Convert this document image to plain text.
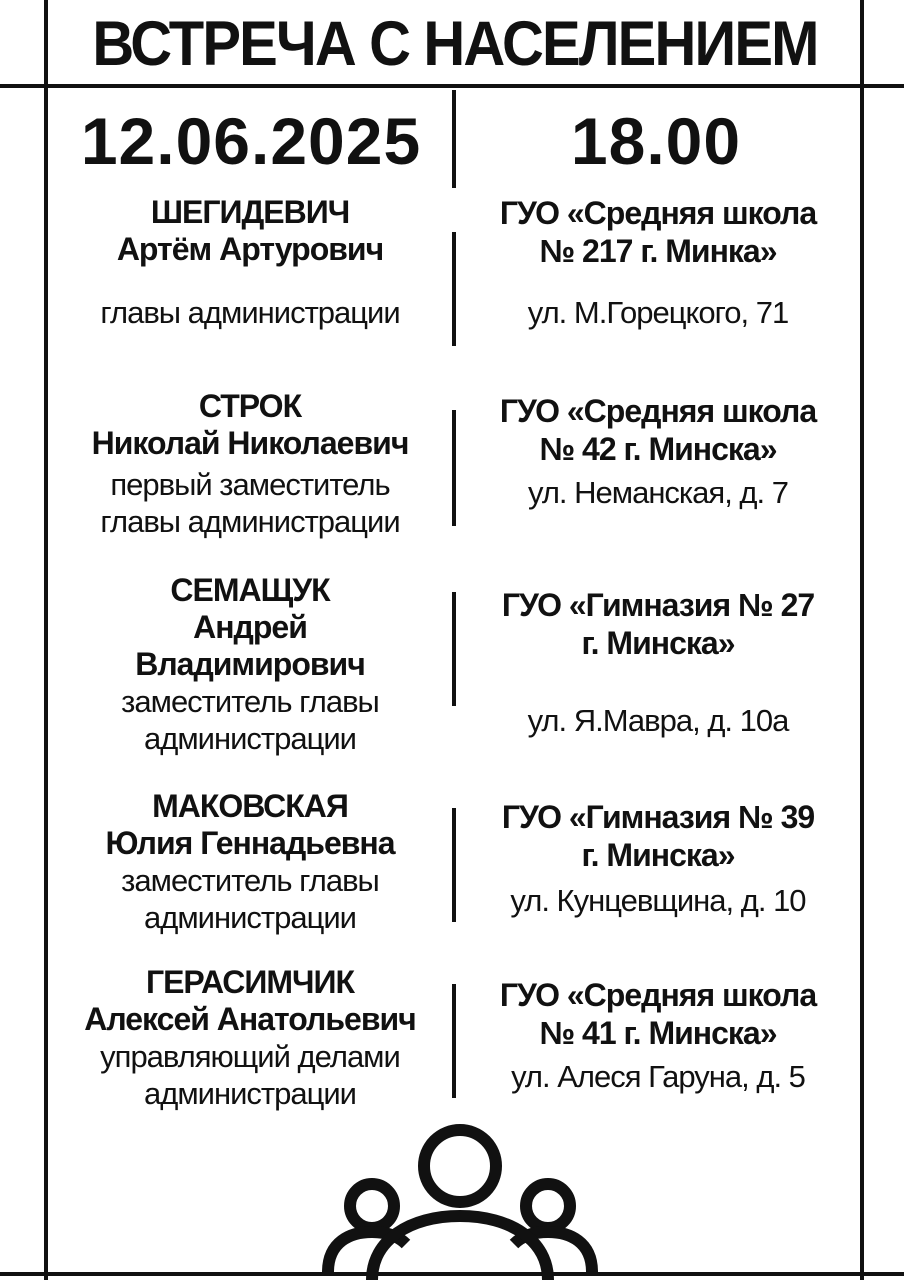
ВСТРЕЧА С НАСЕЛЕНИЕМ
12.06.2025	18.00
ШЕГИДЕВИЧ
Артём Артурович
главы администрации
ГУО «Средняя школа
№ 217 г. Минка»
ул. М.Горецкого, 71
СТРОК
Николай Николаевич
первый заместитель
главы администрации
ГУО «Средняя школа
№ 42 г. Минска»
ул. Неманская, д. 7
СЕМАЩУК
Андрей
Владимирович
заместитель главы
администрации
ГУО «Гимназия № 27
г. Минска»
ул. Я.Мавра, д. 10а
МАКОВСКАЯ
Юлия Геннадьевна
заместитель главы
администрации
ГУО «Гимназия № 39
г. Минска»
ул. Кунцевщина, д. 10
ГЕРАСИМЧИК
Алексей Анатольевич
управляющий делами
администрации
ГУО «Средняя школа
№ 41 г. Минска»
ул. Алеся Гаруна, д. 5
